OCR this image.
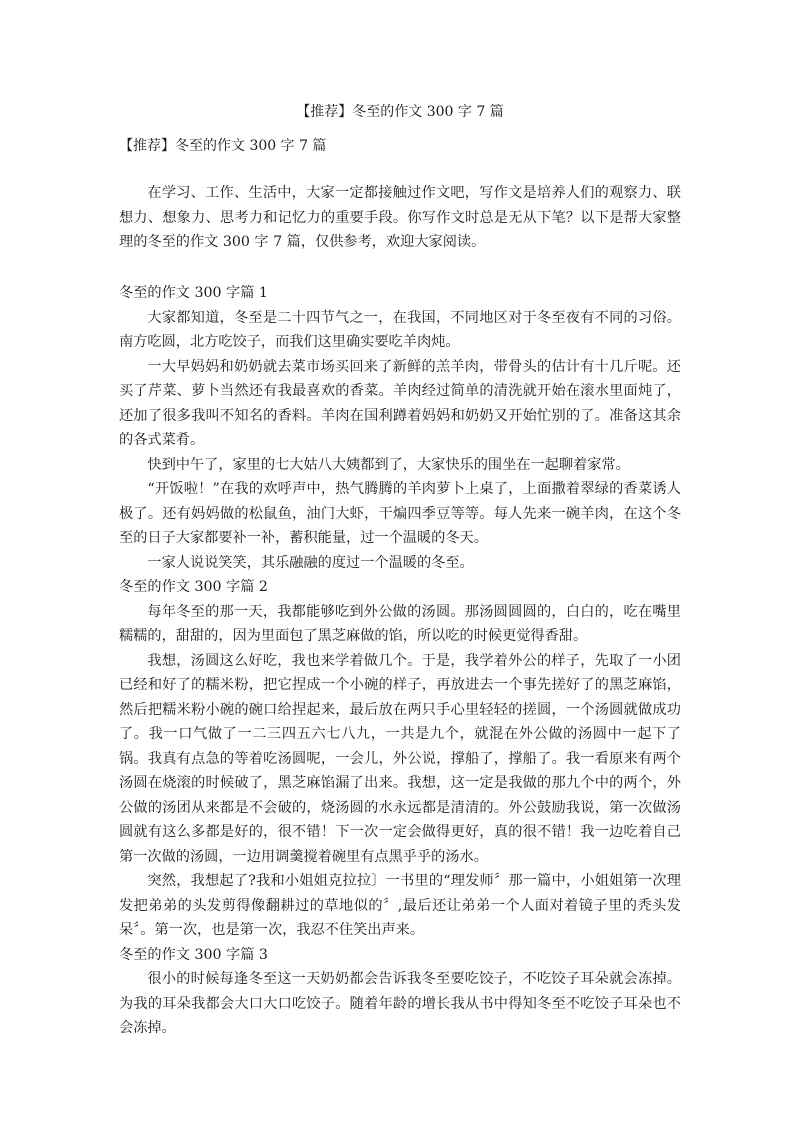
【推荐】冬至的作文 300 字 7 篇
【推荐】冬至的作文 300 字 7 篇

在学习、工作、生活中，大家一定都接触过作文吧，写作文是培养人们的观察力、联想力、想象力、思考力和记忆力的重要手段。你写作文时总是无从下笔？以下是帮大家整理的冬至的作文 300 字 7 篇，仅供参考，欢迎大家阅读。

冬至的作文 300 字篇 1

大家都知道，冬至是二十四节气之一，在我国，不同地区对于冬至夜有不同的习俗。南方吃圆，北方吃饺子，而我们这里确实要吃羊肉炖。

一大早妈妈和奶奶就去菜市场买回来了新鲜的羔羊肉，带骨头的估计有十几斤呢。还买了芹菜、萝卜当然还有我最喜欢的香菜。羊肉经过简单的清洗就开始在滚水里面炖了，还加了很多我叫不知名的香料。羊肉在国利蹲着妈妈和奶奶又开始忙别的了。准备这其余的各式菜肴。

快到中午了，家里的七大姑八大姨都到了，大家快乐的围坐在一起聊着家常。

“开饭啦！”在我的欢呼声中，热气腾腾的羊肉萝卜上桌了，上面撒着翠绿的香菜诱人极了。还有妈妈做的松鼠鱼，油门大虾，干煸四季豆等等。每人先来一碗羊肉，在这个冬至的日子大家都要补一补，蓄积能量，过一个温暖的冬天。

一家人说说笑笑，其乐融融的度过一个温暖的冬至。

冬至的作文 300 字篇 2

每年冬至的那一天，我都能够吃到外公做的汤圆。那汤圆圆圆的，白白的，吃在嘴里糯糯的，甜甜的，因为里面包了黑芝麻做的馅，所以吃的时候更觉得香甜。

我想，汤圆这么好吃，我也来学着做几个。于是，我学着外公的样子，先取了一小团已经和好了的糯米粉，把它捏成一个小碗的样子，再放进去一个事先搓好了的黑芝麻馅，然后把糯米粉小碗的碗口给捏起来，最后放在两只手心里轻轻的搓圆，一个汤圆就做成功了。我一口气做了一二三四五六七八九，一共是九个，就混在外公做的汤圆中一起下了锅。我真有点急的等着吃汤圆呢，一会儿，外公说，撑船了，撑船了。我一看原来有两个汤圆在烧滚的时候破了，黑芝麻馅漏了出来。我想，这一定是我做的那九个中的两个，外公做的汤团从来都是不会破的，烧汤圆的水永远都是清清的。外公鼓励我说，第一次做汤圆就有这么多都是好的，很不错！下一次一定会做得更好，真的很不错！我一边吃着自己第一次做的汤圆，一边用调羹搅着碗里有点黑乎乎的汤水。

突然，我想起了?我和小姐姐克拉拉〕一书里的“理发师〞那一篇中，小姐姐第一次理发把弟弟的头发剪得像翻耕过的草地似的〞,最后还让弟弟一个人面对着镜子里的秃头发呆〞。第一次，也是第一次，我忍不住笑出声来。

冬至的作文 300 字篇 3

很小的时候每逢冬至这一天奶奶都会告诉我冬至要吃饺子，不吃饺子耳朵就会冻掉。为我的耳朵我都会大口大口吃饺子。随着年龄的增长我从书中得知冬至不吃饺子耳朵也不会冻掉。
